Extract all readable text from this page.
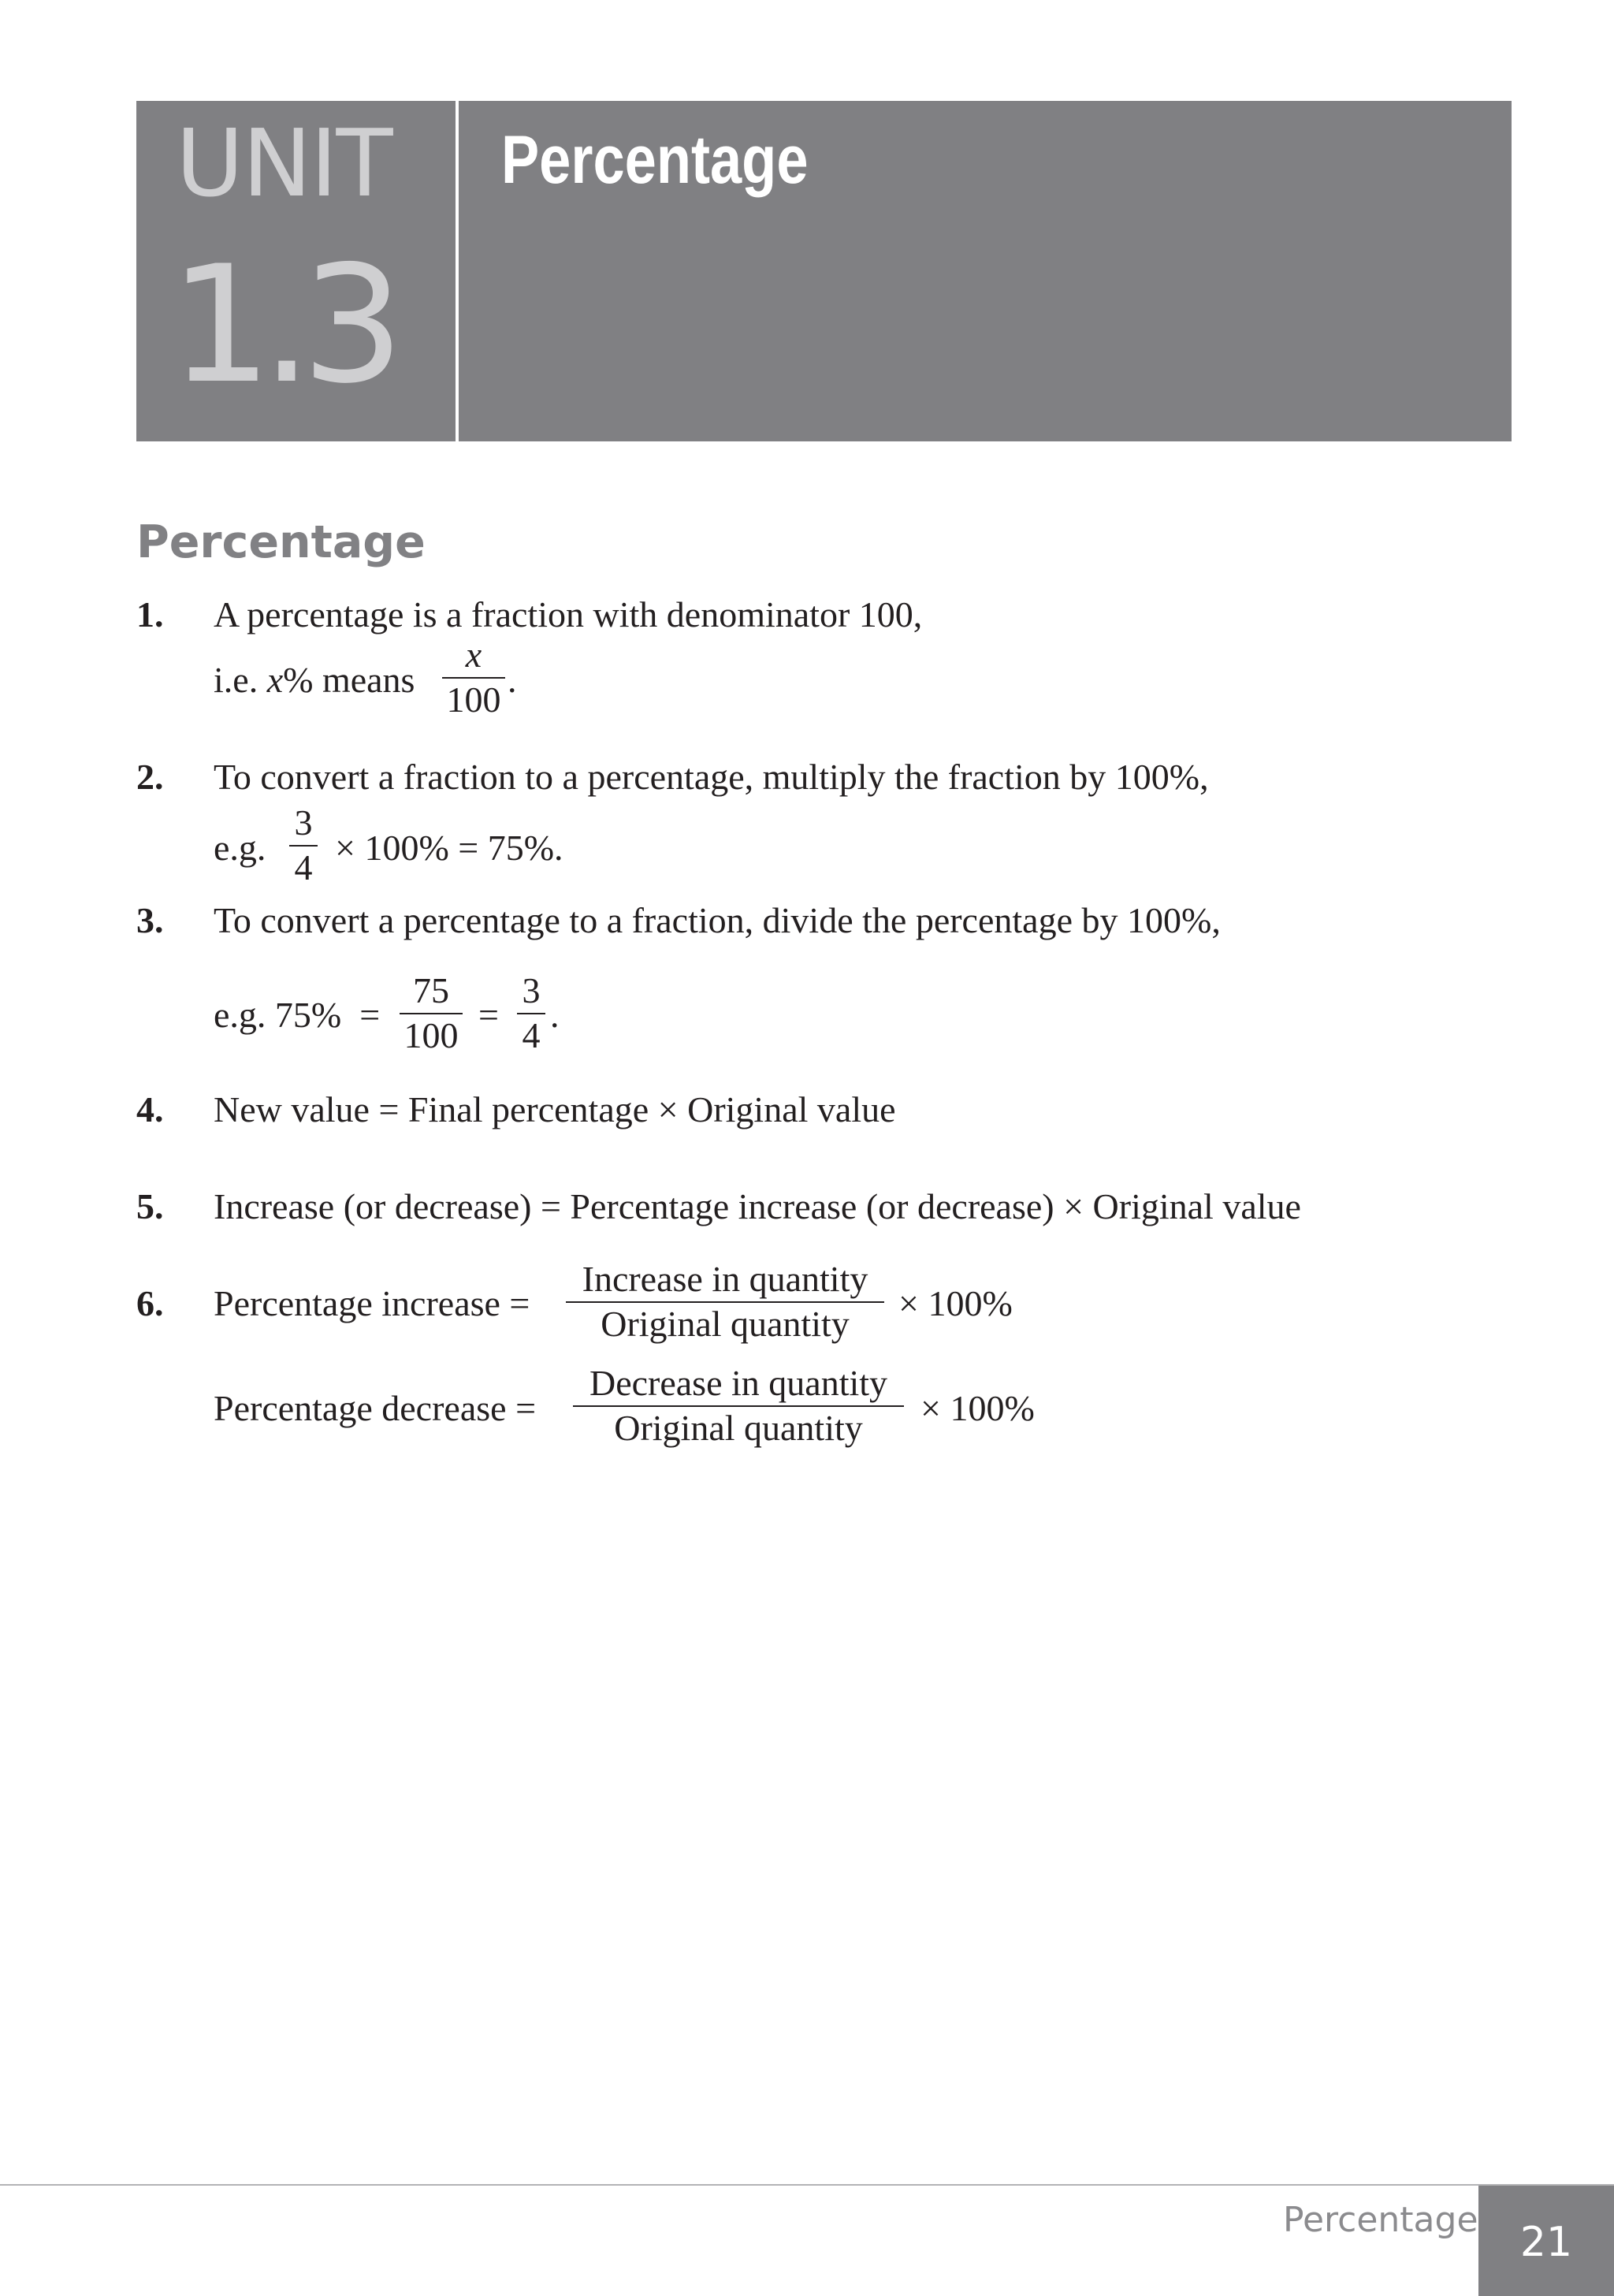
UNIT
1.3
Percentage
Percentage
1. A percentage is a fraction with denominator 100,
i.e. x% means
x
100 .
2. To convert a fraction to a percentage, multiply the fraction by 100%,
e.g.
3
4 × 100% = 75%.
3. To convert a percentage to a fraction, divide the percentage by 100%,
e.g. 75%  =
75
100
=
3
4
.
4. New value = Final percentage × Original value
5. Increase (or decrease) = Percentage increase (or decrease) × Original value
6. Percentage increase =
Increase in quantity
Original quantity
× 100%
Percentage decrease =
Decrease in quantity
Original quantity	× 100%
Percentage	21
